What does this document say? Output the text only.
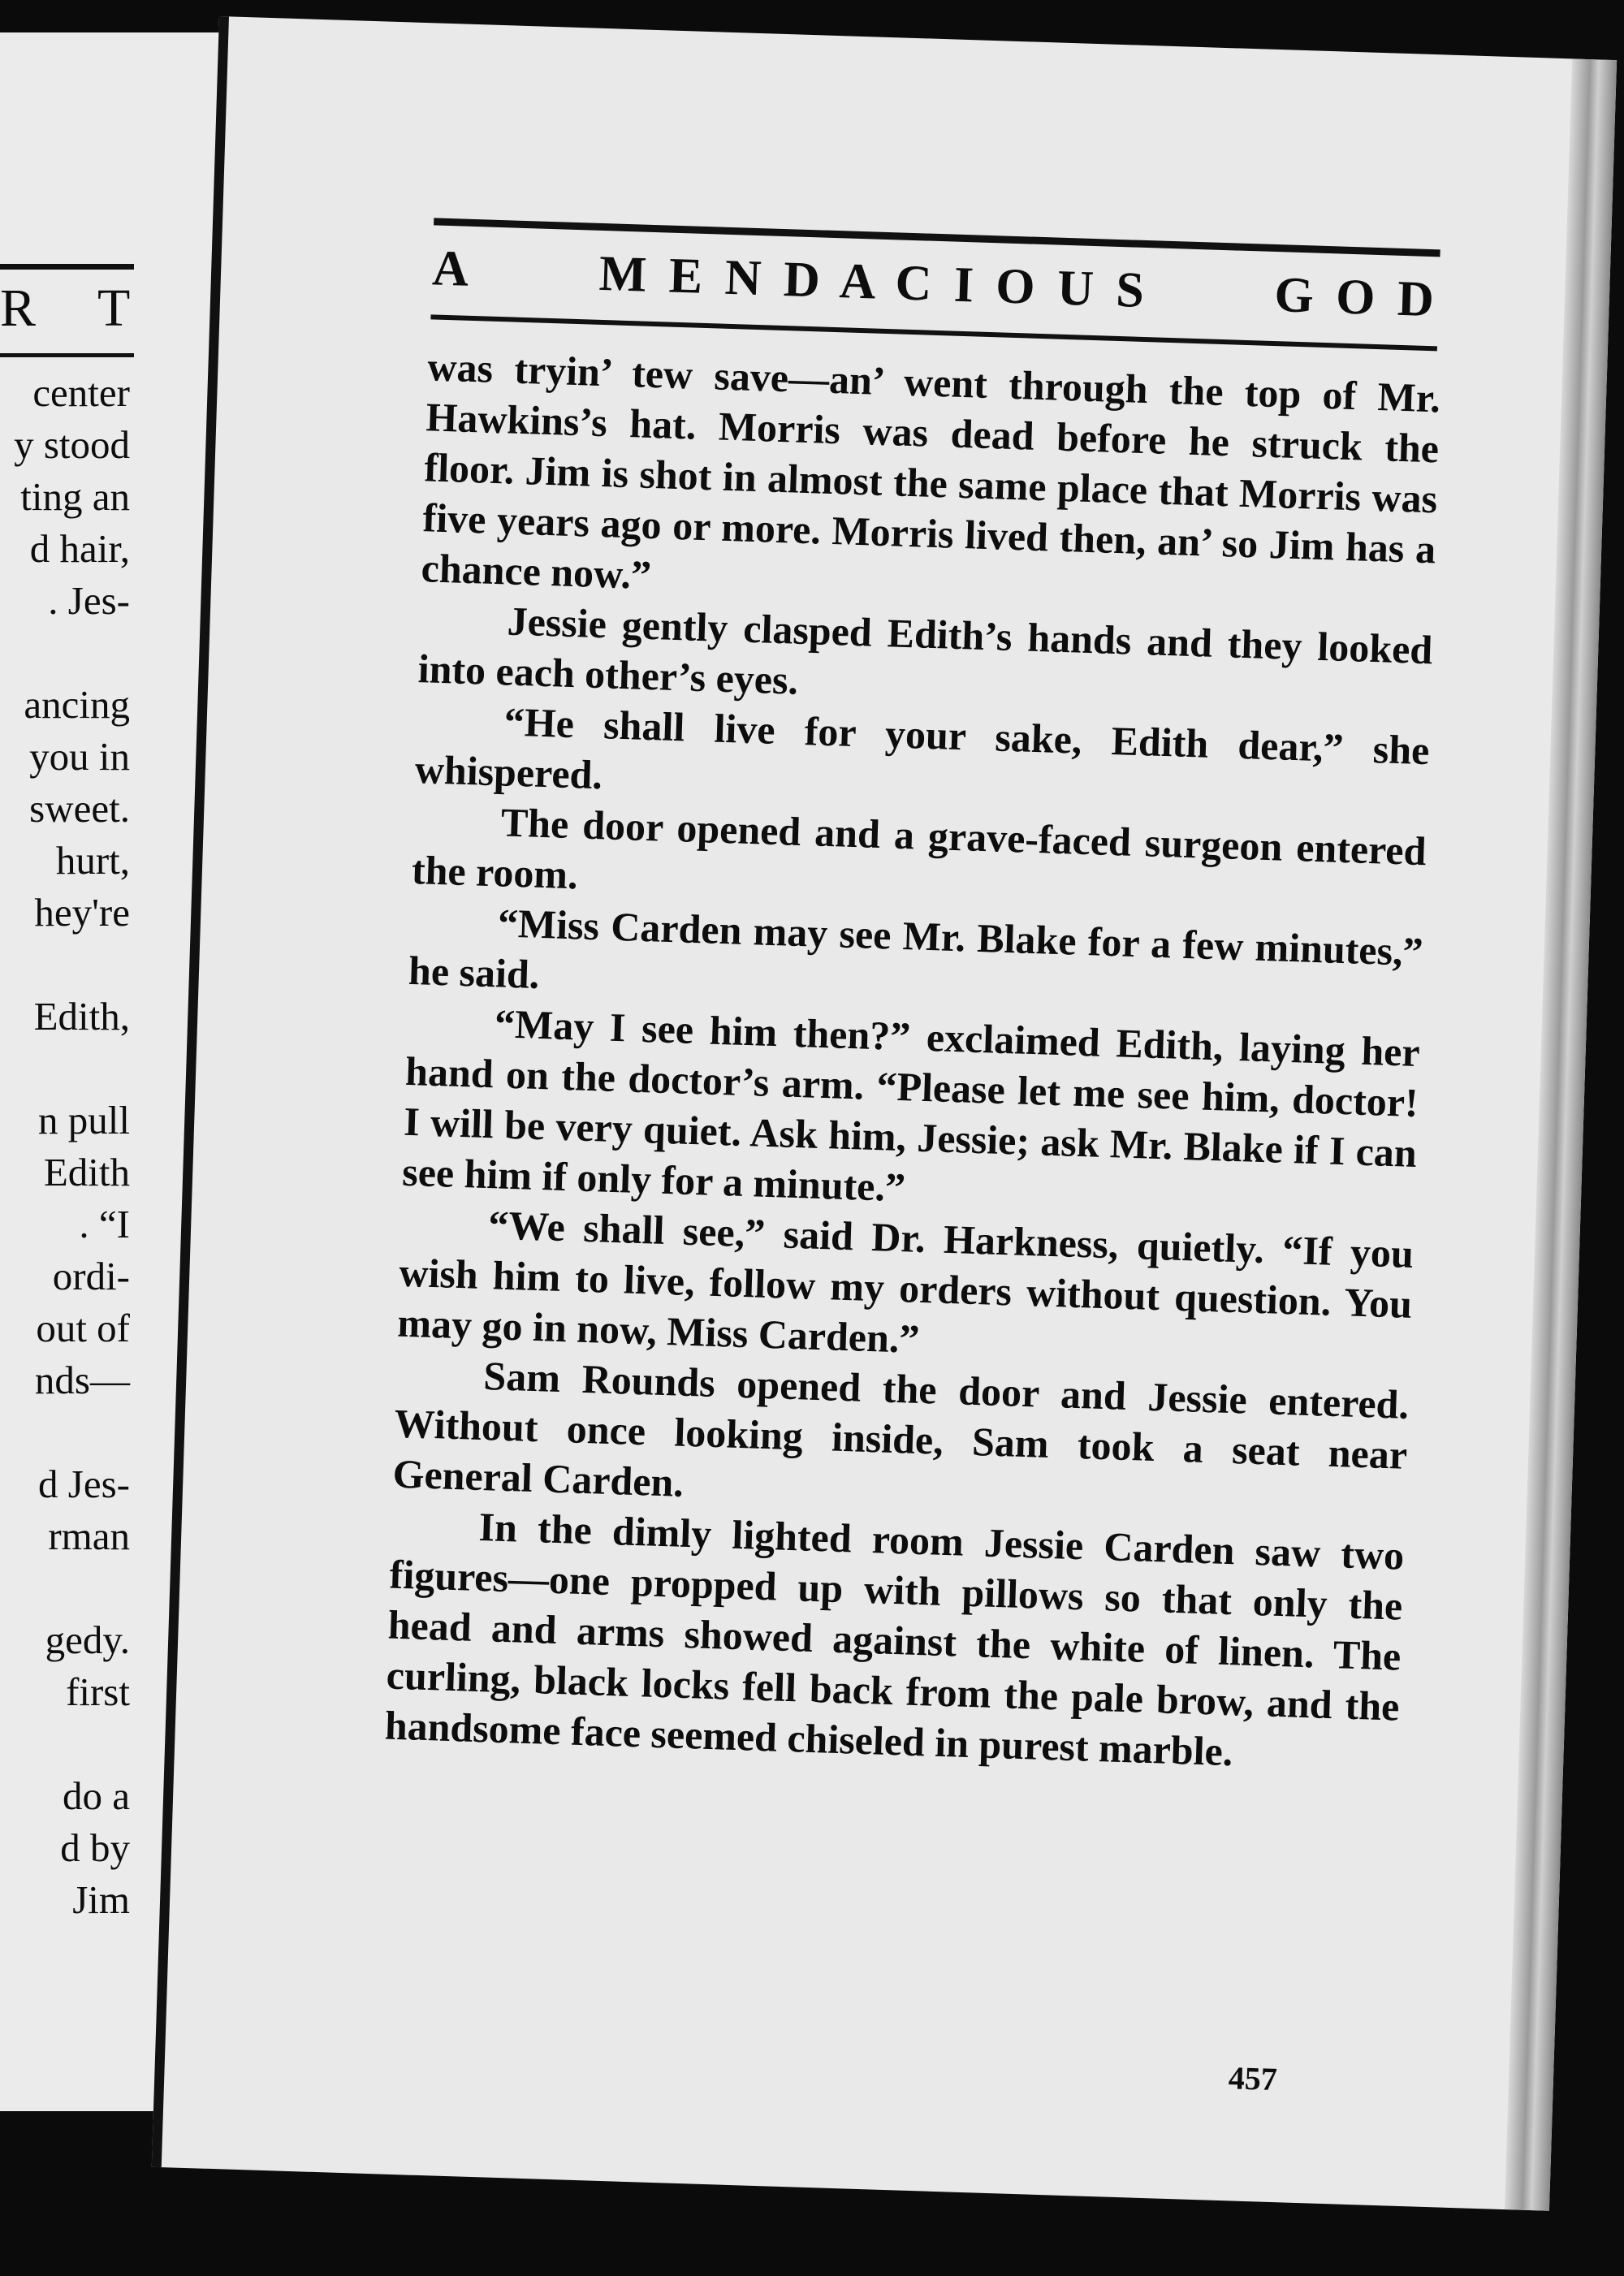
R T
center
y stood
ting an
d hair,
. Jes-
ancing
you in
sweet.
hurt,
hey're
Edith,
n pull
Edith
. “I
ordi-
out of
nds—
d Jes-
rman
gedy.
first
do a
d by
Jim
A M E N D A C I O U S G O D

was tryin’ tew save—an’ went through the top of Mr. Hawkins’s hat. Morris was dead before he struck the floor. Jim is shot in almost the same place that Morris was five years ago or more. Morris lived then, an’ so Jim has a chance now.”

Jessie gently clasped Edith’s hands and they looked into each other’s eyes.

“He shall live for your sake, Edith dear,” she whispered.

The door opened and a grave-faced surgeon entered the room.

“Miss Carden may see Mr. Blake for a few minutes,” he said.

“May I see him then?” exclaimed Edith, laying her hand on the doctor’s arm. “Please let me see him, doctor! I will be very quiet. Ask him, Jessie; ask Mr. Blake if I can see him if only for a minute.”

“We shall see,” said Dr. Harkness, quietly. “If you wish him to live, follow my orders without question. You may go in now, Miss Carden.”

Sam Rounds opened the door and Jessie entered. Without once looking inside, Sam took a seat near General Carden.

In the dimly lighted room Jessie Carden saw two figures—one propped up with pillows so that only the head and arms showed against the white of linen. The curling, black locks fell back from the pale brow, and the handsome face seemed chiseled in purest marble.

457
